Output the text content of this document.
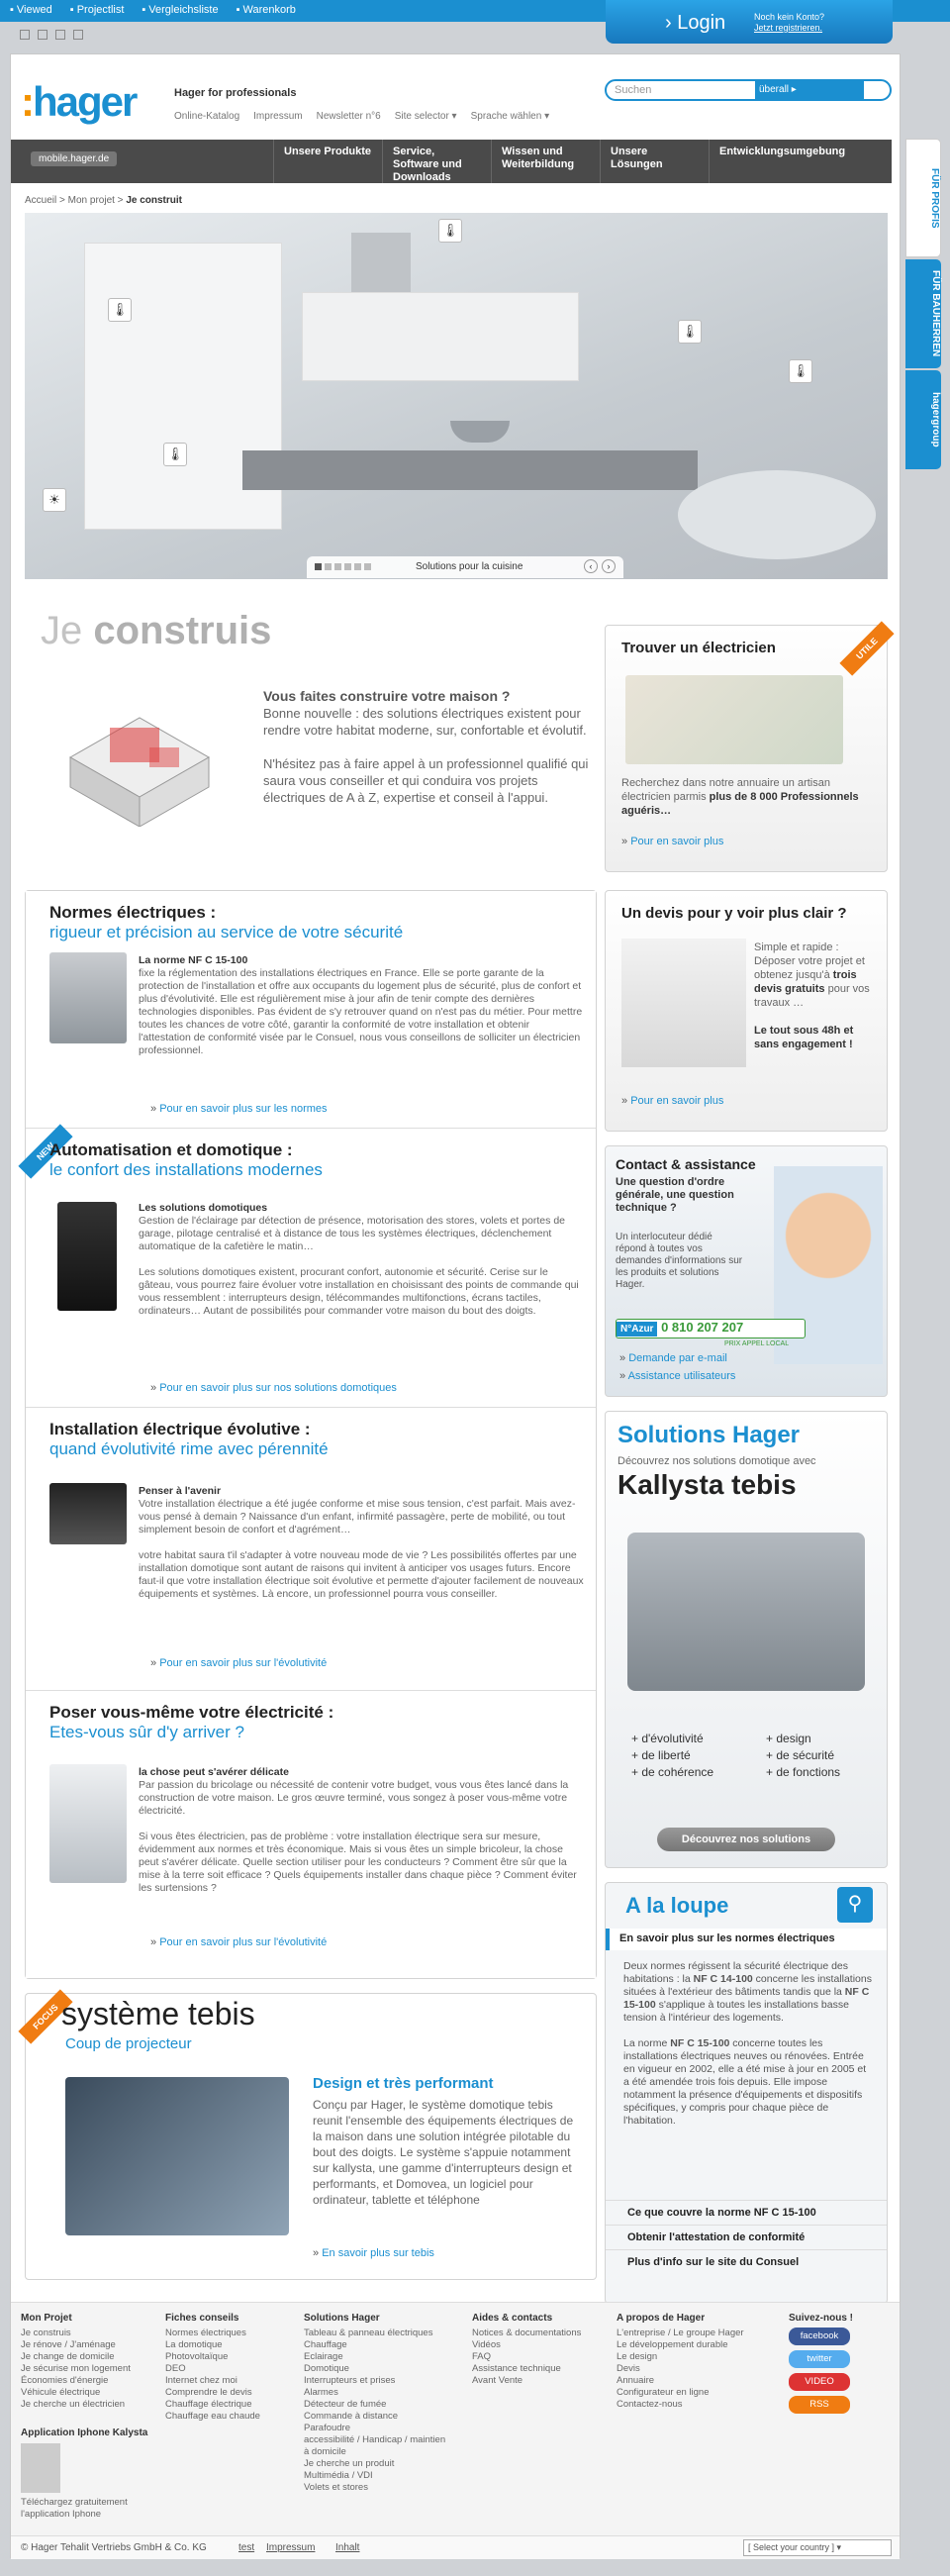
▪ Viewed ▪ Projectlist ▪ Vergleichsliste ▪ Warenkorb
› Login	Noch kein Konto?
Jetzt registrieren.
FÜR PROFIS
FÜR BAUHERREN
hagergroup
:hager	Hager for professionals
Online-Katalog Impressum Newsletter n°6 Site selector ▾ Sprache wählen ▾
Suchen	überall ▸	⚲
mobile.hager.de
Unsere Produkte	Service, Software und Downloads
Wissen und Weiterbildung
Unsere Lösungen
Entwicklungsumgebung
Accueil > Mon projet > Je construit
🌡
🌡
🌡
🌡
🌡
☀
Solutions pour la cuisine	‹	›
Je construis
Vous faites construire votre maison ?

Bonne nouvelle : des solutions électriques existent pour rendre votre habitat moderne, sur, confortable et évolutif.

N'hésitez pas à faire appel à un professionnel qualifié qui saura vous conseiller et qui conduira vos projets électriques de A à Z, expertise et conseil à l'appui.

Normes électriques :
rigueur et précision au service de votre sécurité
La norme NF C 15-100

fixe la réglementation des installations électriques en France. Elle se porte garante de la protection de l'installation et offre aux occupants du logement plus de sécurité, plus de confort et plus d'évolutivité. Elle est régulièrement mise à jour afin de tenir compte des dernières technologies disponibles. Pas évident de s'y retrouver quand on n'est pas du métier. Pour mettre toutes les chances de votre côté, garantir la conformité de votre installation et obtenir l'attestation de conformité visée par le Consuel, nous vous conseillons de solliciter un électricien professionnel.

» Pour en savoir plus sur les normes
NEW
Automatisation et domotique :
le confort des installations modernes
Les solutions domotiques

Gestion de l'éclairage par détection de présence, motorisation des stores, volets et portes de garage, pilotage centralisé et à distance de tous les systèmes électriques, déclenchement automatique de la cafetière le matin…

Les solutions domotiques existent, procurant confort, autonomie et sécurité. Cerise sur le gâteau, vous pourrez faire évoluer votre installation en choisissant des points de commande qui vous ressemblent : interrupteurs design, télécommandes multifonctions, écrans tactiles, ordinateurs… Autant de possibilités pour commander votre maison du bout des doigts.

» Pour en savoir plus sur nos solutions domotiques
Installation électrique évolutive :
quand évolutivité rime avec pérennité
Penser à l'avenir

Votre installation électrique a été jugée conforme et mise sous tension, c'est parfait. Mais avez-vous pensé à demain ? Naissance d'un enfant, infirmité passagère, perte de mobilité, ou tout simplement besoin de confort et d'agrément…

votre habitat saura t'il s'adapter à votre nouveau mode de vie ? Les possibilités offertes par une installation domotique sont autant de raisons qui invitent à anticiper vos usages futurs. Encore faut-il que votre installation électrique soit évolutive et permette d'ajouter facilement de nouveaux équipements et systèmes. Là encore, un professionnel pourra vous conseiller.

» Pour en savoir plus sur l'évolutivité
Poser vous-même votre électricité :
Etes-vous sûr d'y arriver ?
la chose peut s'avérer délicate

Par passion du bricolage ou nécessité de contenir votre budget, vous vous êtes lancé dans la construction de votre maison. Le gros œuvre terminé, vous songez à poser vous-même votre électricité.

Si vous êtes électricien, pas de problème : votre installation électrique sera sur mesure, évidemment aux normes et très économique. Mais si vous êtes un simple bricoleur, la chose peut s'avérer délicate. Quelle section utiliser pour les conducteurs ? Comment être sûr que la mise à la terre soit efficace ? Quels équipements installer dans chaque pièce ? Comment éviter les surtensions ?

» Pour en savoir plus sur l'évolutivité
Trouver un électricien	UTILE

Recherchez dans notre annuaire un artisan électricien parmis plus de 8 000 Professionnels aguéris…

» Pour en savoir plus
Un devis pour y voir plus clair ?

Simple et rapide : Déposer votre projet et obtenez jusqu'à trois devis gratuits pour vos travaux …

Le tout sous 48h et sans engagement !

» Pour en savoir plus
Contact & assistance
Une question d'ordre générale, une question technique ?

Un interlocuteur dédié répond à toutes vos demandes d'informations sur les produits et solutions Hager.

N°Azur 0 810 207 207
PRIX APPEL LOCAL
» Demande par e-mail
» Assistance utilisateurs
Solutions Hager

Découvrez nos solutions domotique avec

Kallysta tebis
+ d'évolutivité
+ de liberté
+ de cohérence
+ design
+ de sécurité
+ de fonctions
Découvrez nos solutions
A la loupe	⚲
En savoir plus sur les normes électriques

Deux normes régissent la sécurité électrique des habitations : la NF C 14-100 concerne les installations situées à l'extérieur des bâtiments tandis que la NF C 15-100 s'applique à toutes les installations basse tension à l'intérieur des logements.

La norme NF C 15-100 concerne toutes les installations électriques neuves ou rénovées. Entrée en vigueur en 2002, elle a été mise à jour en 2005 et a été amendée trois fois depuis. Elle impose notamment la présence d'équipements et dispositifs spécifiques, y compris pour chaque pièce de l'habitation.

Ce que couvre la norme NF C 15-100
Obtenir l'attestation de conformité
Plus d'info sur le site du Consuel
FOCUS système tebis
Coup de projecteur
Design et très performant

Conçu par Hager, le système domotique tebis reunit l'ensemble des équipements électriques de la maison dans une solution intégrée pilotable du bout des doigts. Le système s'appuie notamment sur kallysta, une gamme d'interrupteurs design et performants, et Domovea, un logiciel pour ordinateur, tablette et téléphone

» En savoir plus sur tebis
Mon Projet
Je construis
Je rénove / J'aménage
Je change de domicile
Je sécurise mon logement
Économies d'énergie
Véhicule électrique
Je cherche un électricien
Fiches conseils
Normes électriques
La domotique
Photovoltaïque
DEO
Internet chez moi
Comprendre le devis
Chauffage électrique
Chauffage eau chaude
Solutions Hager
Tableau & panneau électriques
Chauffage
Eclairage
Domotique
Interrupteurs et prises
Alarmes
Détecteur de fumée
Commande à distance
Parafoudre
accessibilité / Handicap / maintien à domicile
Je cherche un produit
Multimédia / VDI
Volets et stores
Aides & contacts
Notices & documentations
Vidéos
FAQ
Assistance technique
Avant Vente
A propos de Hager
L'entreprise / Le groupe Hager
Le développement durable
Le design
Devis
Annuaire
Configurateur en ligne
Contactez-nous
Suivez-nous !
facebook
twitter
VIDEO
RSS
Application Iphone Kalysta
Téléchargez gratuitement l'application Iphone
© Hager Tehalit Vertriebs GmbH & Co. KG	test Impressum Inhalt	[ Select your country ] ▾
